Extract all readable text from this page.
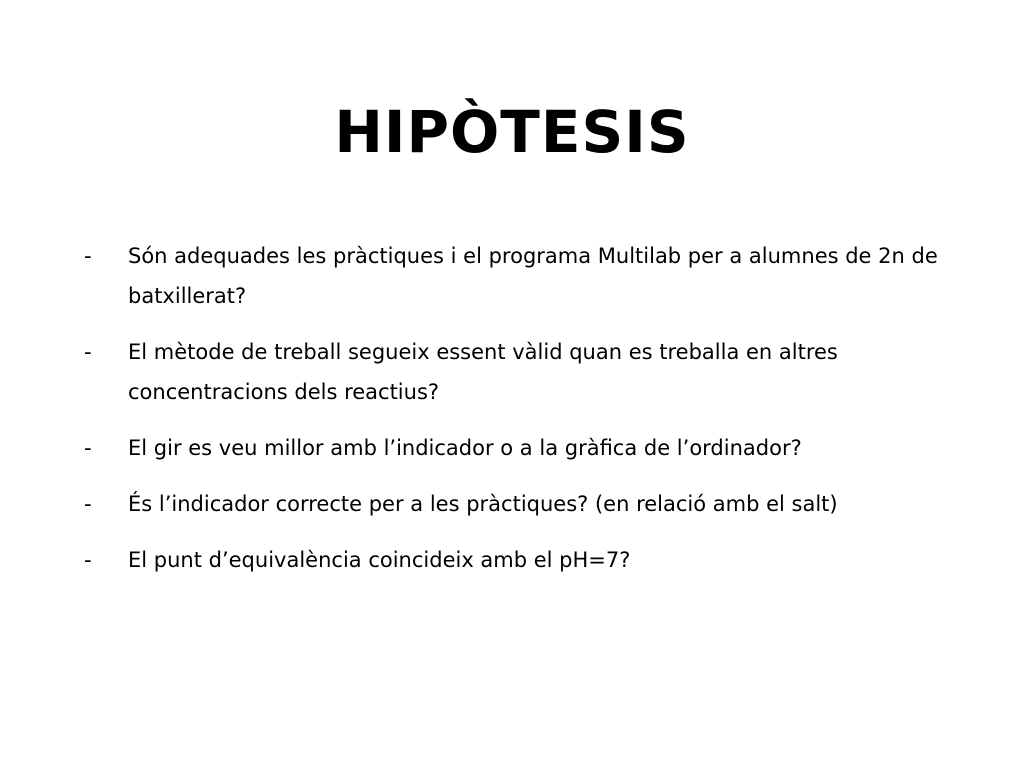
HIPÒTESIS
-	Són adequades les pràctiques i el programa Multilab per a alumnes de 2n de batxillerat?
-	El mètode de treball segueix essent vàlid quan es treballa en altres concentracions dels reactius?
-	El gir es veu millor amb l’indicador o a la gràfica de l’ordinador?
-	És l’indicador correcte per a les pràctiques? (en relació amb el salt)
-	El punt d’equivalència coincideix amb el pH=7?
